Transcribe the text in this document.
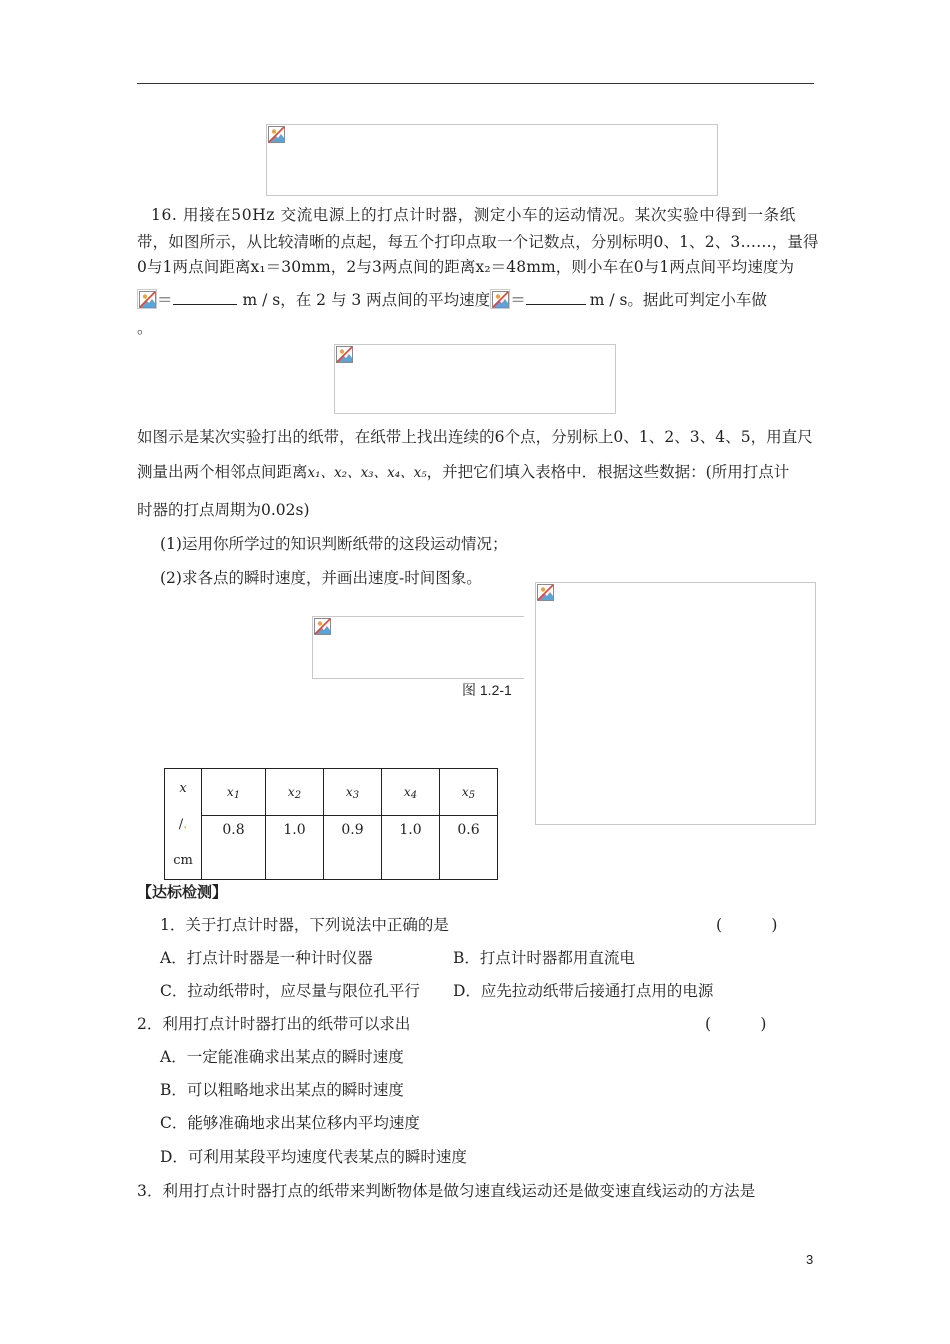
16. 用接在50Hz 交流电源上的打点计时器，测定小车的运动情况。某次实验中得到一条纸
带，如图所示，从比较清晰的点起，每五个打印点取一个记数点，分别标明0、1、2、3……，量得
0与1两点间距离x₁＝30mm，2与3两点间的距离x₂＝48mm，则小车在0与1两点间平均速度为
＝	m / s，在 2 与 3 两点间的平均速度 ＝	m / s。据此可判定小车做
。
如图示是某次实验打出的纸带，在纸带上找出连续的6个点，分别标上0、1、2、3、4、5，用直尺
测量出两个相邻点间距离x₁、x₂、x₃、x₄、x₅，并把它们填入表格中．根据这些数据：(所用打点计
时器的打点周期为0.02s)
(1)运用你所学过的知识判断纸带的这段运动情况；
(2)求各点的瞬时速度，并画出速度-时间图象。
图 1.2-1
x
/.
cm	$x_1$	$x_2$	$x_3$	$x_4$	$x_5$
	0.8	1.0	0.9	1.0	0.6
【达标检测】
1．关于打点计时器，下列说法中正确的是	(          )
A．打点计时器是一种计时仪器	B．打点计时器都用直流电
C．拉动纸带时，应尽量与限位孔平行 D．应先拉动纸带后接通打点用的电源
2．利用打点计时器打出的纸带可以求出	(          )
A．一定能准确求出某点的瞬时速度
B．可以粗略地求出某点的瞬时速度
C．能够准确地求出某位移内平均速度
D．可利用某段平均速度代表某点的瞬时速度
3．利用打点计时器打点的纸带来判断物体是做匀速直线运动还是做变速直线运动的方法是
3
